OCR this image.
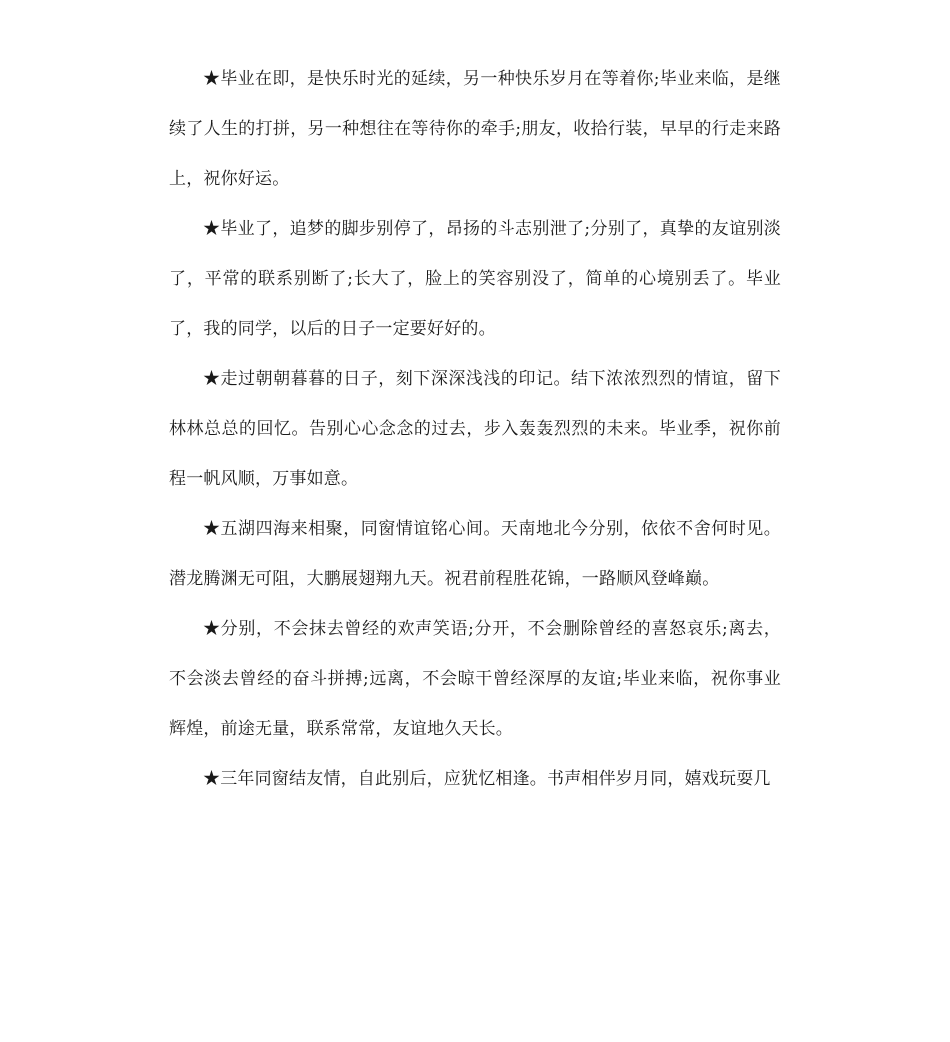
★毕业在即，是快乐时光的延续，另一种快乐岁月在等着你;毕业来临，是继续了人生的打拼，另一种想往在等待你的牵手;朋友，收拾行装，早早的行走来路上，祝你好运。

★毕业了，追梦的脚步别停了，昂扬的斗志别泄了;分别了，真挚的友谊别淡了，平常的联系别断了;长大了，脸上的笑容别没了，简单的心境别丢了。毕业了，我的同学，以后的日子一定要好好的。

★走过朝朝暮暮的日子，刻下深深浅浅的印记。结下浓浓烈烈的情谊，留下林林总总的回忆。告别心心念念的过去，步入轰轰烈烈的未来。毕业季，祝你前程一帆风顺，万事如意。

★五湖四海来相聚，同窗情谊铭心间。天南地北今分别，依依不舍何时见。潜龙腾渊无可阻，大鹏展翅翔九天。祝君前程胜花锦，一路顺风登峰巅。

★分别，不会抹去曾经的欢声笑语;分开，不会删除曾经的喜怒哀乐;离去，不会淡去曾经的奋斗拼搏;远离，不会晾干曾经深厚的友谊;毕业来临，祝你事业辉煌，前途无量，联系常常，友谊地久天长。

★三年同窗结友情，自此别后，应犹忆相逢。书声相伴岁月同，嬉戏玩耍几
